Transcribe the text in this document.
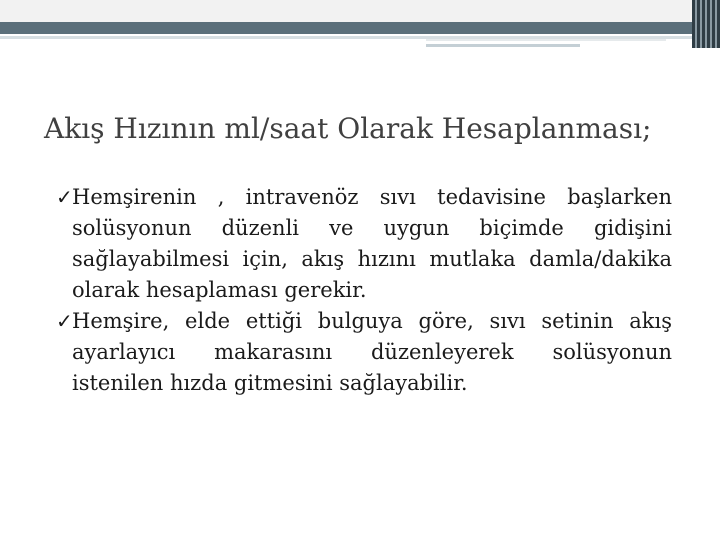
Akış Hızının ml/saat Olarak Hesaplanması;
✓ Hemşirenin , intravenöz sıvı tedavisine başlarken solüsyonun düzenli ve uygun biçimde gidişini sağlayabilmesi için, akış hızını mutlaka damla/dakika olarak hesaplaması gerekir.
✓ Hemşire, elde ettiği bulguya göre, sıvı setinin akış ayarlayıcı makarasını düzenleyerek solüsyonun istenilen hızda gitmesini sağlayabilir.
